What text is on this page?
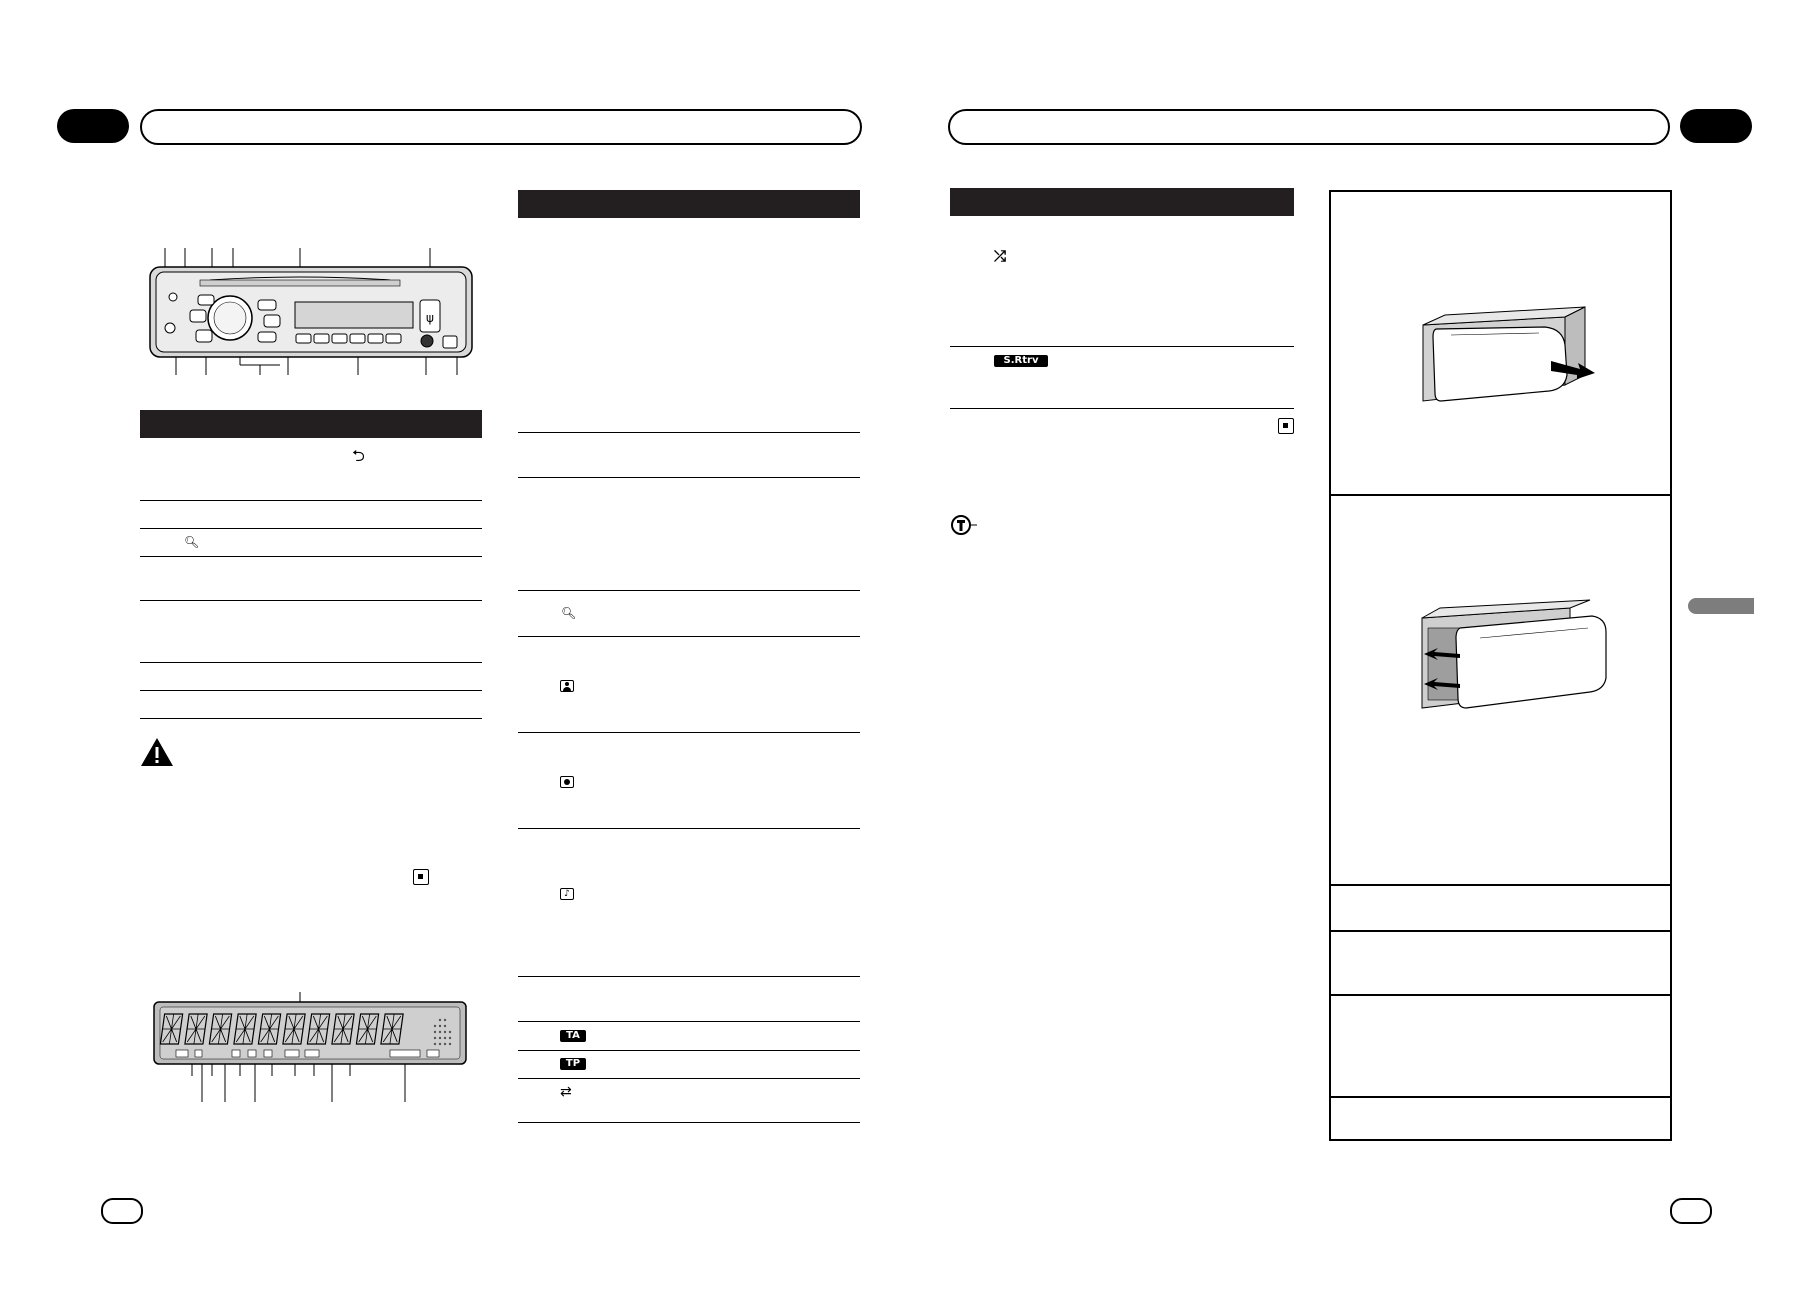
ψ
⮌
🔍︎
🔍︎
♪
TA
TP
⇄
⤮
S.Rtrv
